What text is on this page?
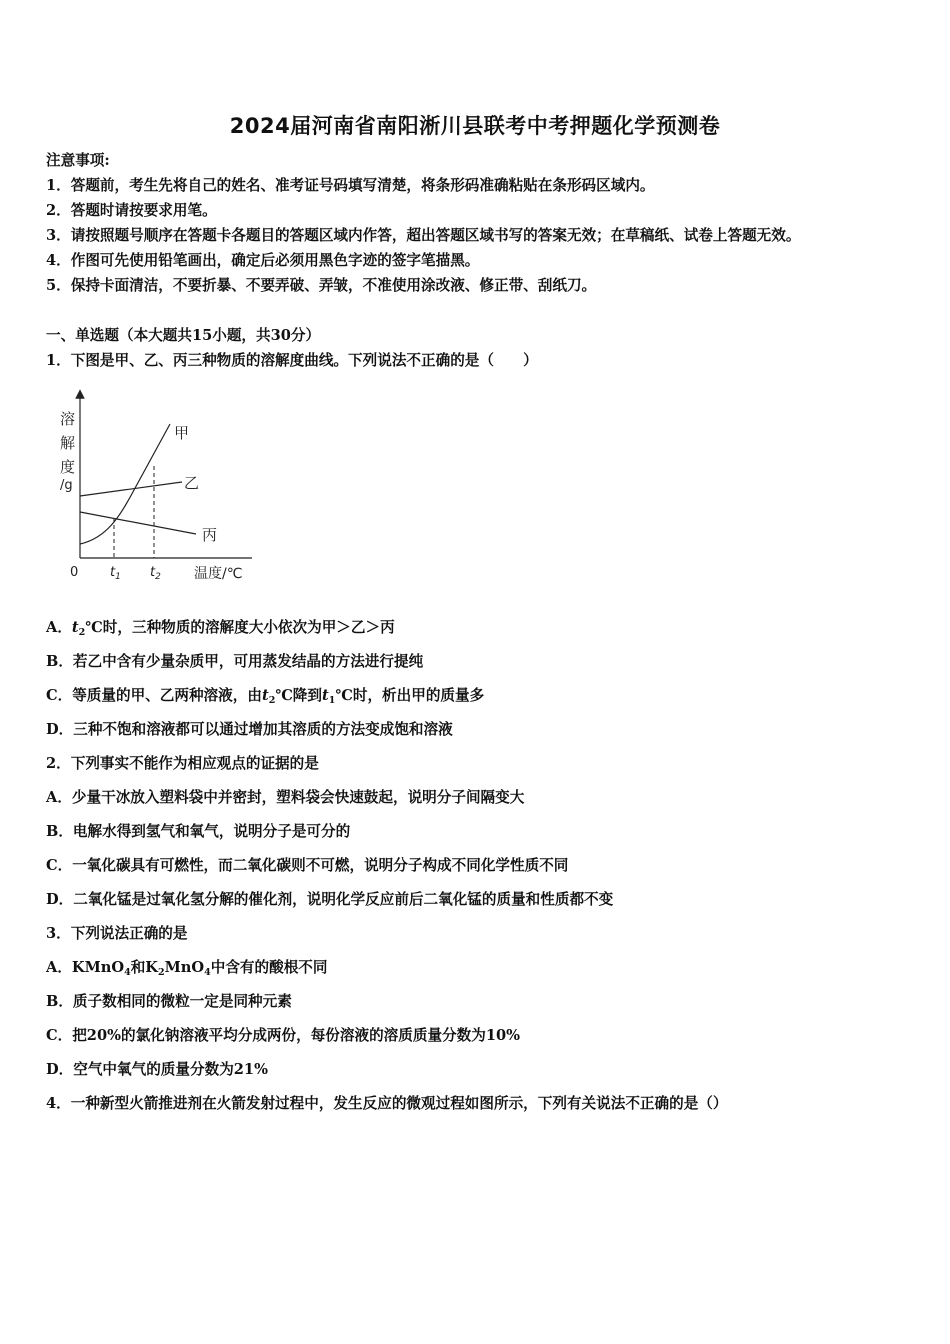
2024届河南省南阳淅川县联考中考押题化学预测卷
注意事项:
1．答题前，考生先将自己的姓名、准考证号码填写清楚，将条形码准确粘贴在条形码区域内。
2．答题时请按要求用笔。
3．请按照题号顺序在答题卡各题目的答题区域内作答，超出答题区域书写的答案无效；在草稿纸、试卷上答题无效。
4．作图可先使用铅笔画出，确定后必须用黑色字迹的签字笔描黑。
5．保持卡面清洁，不要折暴、不要弄破、弄皱，不准使用涂改液、修正带、刮纸刀。
一、单选题（本大题共15小题，共30分）
1．下图是甲、乙、丙三种物质的溶解度曲线。下列说法不正确的是（　　）
溶
解
度
/g
甲
乙
丙
0 $t_1$ $t_2$ 温度/℃
A．$t_2℃$时，三种物质的溶解度大小依次为甲＞乙＞丙
B．若乙中含有少量杂质甲，可用蒸发结晶的方法进行提纯
C．等质量的甲、乙两种溶液，由$t_2℃$降到$t_1℃$时，析出甲的质量多
D．三种不饱和溶液都可以通过增加其溶质的方法变成饱和溶液
2．下列事实不能作为相应观点的证据的是
A．少量干冰放入塑料袋中并密封，塑料袋会快速鼓起，说明分子间隔变大
B．电解水得到氢气和氧气，说明分子是可分的
C．一氧化碳具有可燃性，而二氧化碳则不可燃，说明分子构成不同化学性质不同
D．二氧化锰是过氧化氢分解的催化剂，说明化学反应前后二氧化锰的质量和性质都不变
3．下列说法正确的是
A．KMnO$_4$和$K_2MnO_4$中含有的酸根不同
B．质子数相同的微粒一定是同种元素
C．把20%的氯化钠溶液平均分成两份，每份溶液的溶质质量分数为10%
D．空气中氧气的质量分数为21%
4．一种新型火箭推进剂在火箭发射过程中，发生反应的微观过程如图所示，下列有关说法不正确的是（）
